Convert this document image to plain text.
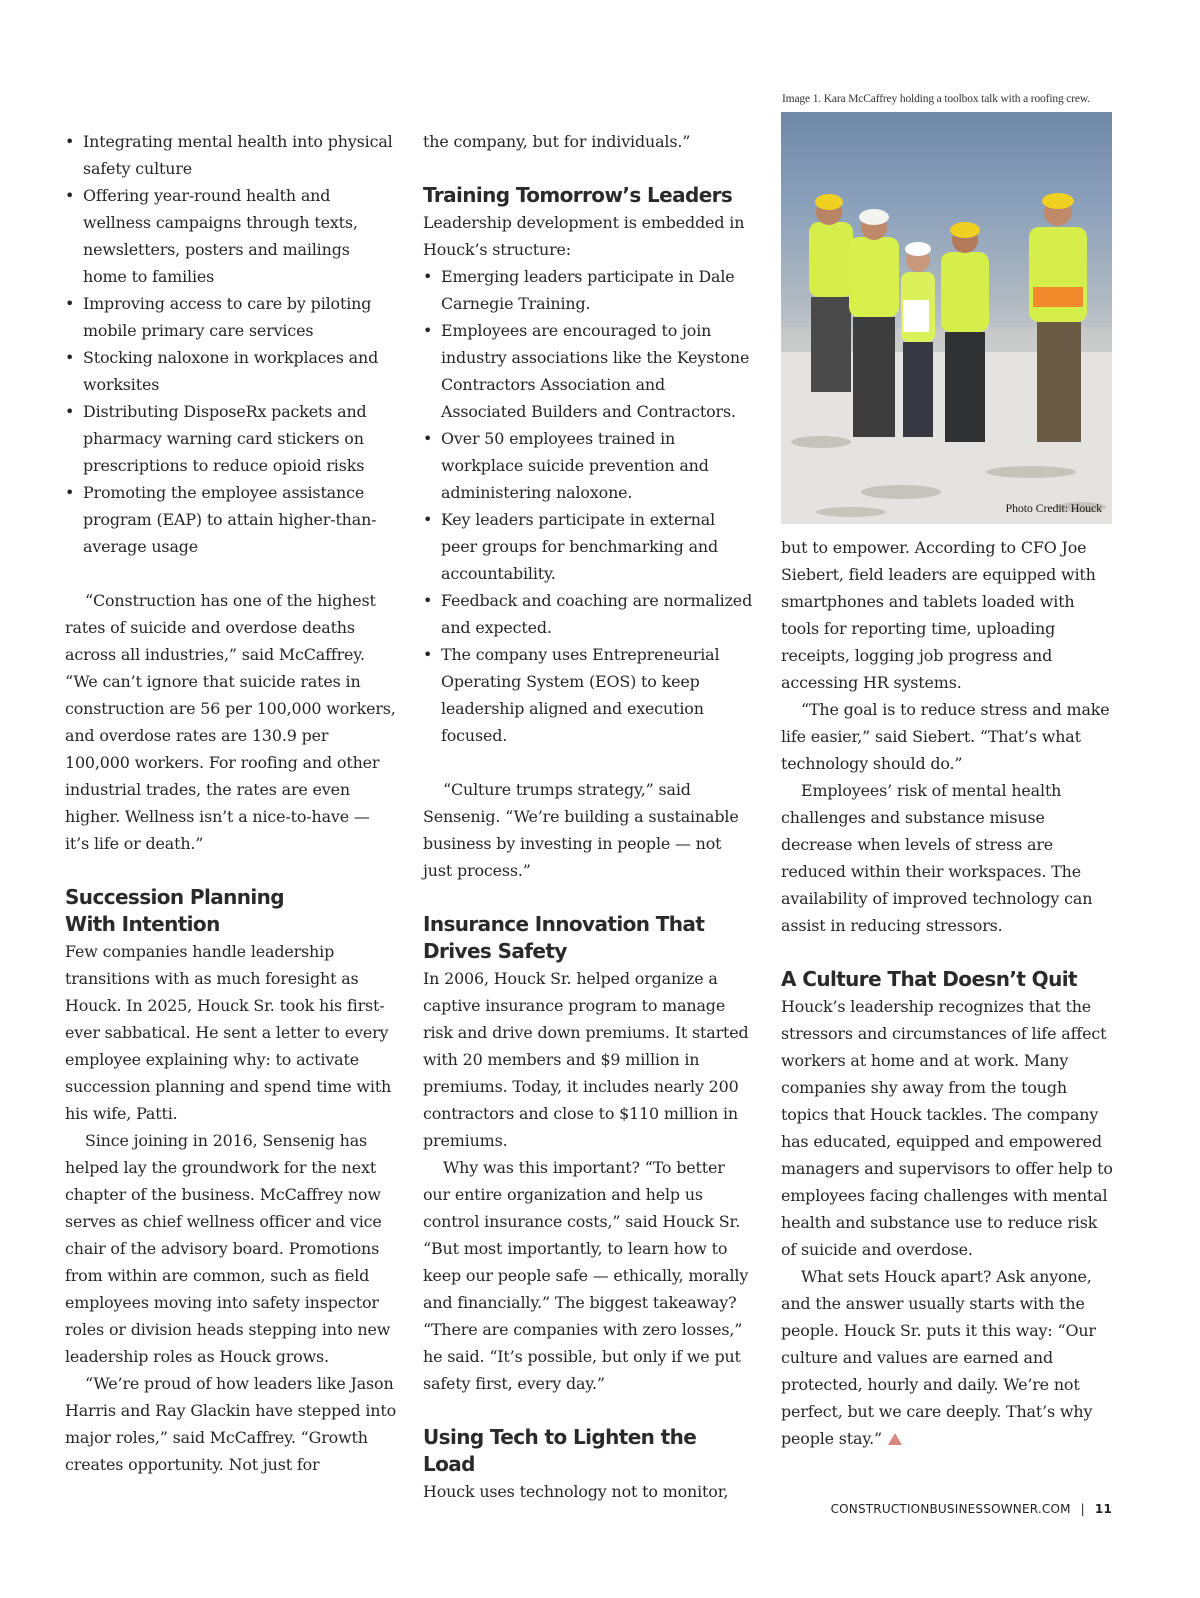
• Integrating mental health into physical safety culture
• Offering year-round health and wellness campaigns through texts, newsletters, posters and mailings home to families
• Improving access to care by piloting mobile primary care services
• Stocking naloxone in workplaces and worksites
• Distributing DisposeRx packets and pharmacy warning card stickers on prescriptions to reduce opioid risks
• Promoting the employee assistance program (EAP) to attain higher-than-average usage

“Construction has one of the highest rates of suicide and overdose deaths across all industries,” said McCaffrey. “We can’t ignore that suicide rates in construction are 56 per 100,000 workers, and overdose rates are 130.9 per 100,000 workers. For roofing and other industrial trades, the rates are even higher. Wellness isn’t a nice-to-have — it’s life or death.”

Succession Planning
With Intention

Few companies handle leadership transitions with as much foresight as Houck. In 2025, Houck Sr. took his first-ever sabbatical. He sent a letter to every employee explaining why: to activate succession planning and spend time with his wife, Patti.

Since joining in 2016, Sensenig has helped lay the groundwork for the next chapter of the business. McCaffrey now serves as chief wellness officer and vice chair of the advisory board. Promotions from within are common, such as field employees moving into safety inspector roles or division heads stepping into new leadership roles as Houck grows.

“We’re proud of how leaders like Jason Harris and Ray Glackin have stepped into major roles,” said McCaffrey. “Growth creates opportunity. Not just for

the company, but for individuals.”

Training Tomorrow’s Leaders

Leadership development is embedded in Houck’s structure:

• Emerging leaders participate in Dale Carnegie Training.
• Employees are encouraged to join industry associations like the Keystone Contractors Association and Associated Builders and Contractors.
• Over 50 employees trained in workplace suicide prevention and administering naloxone.
• Key leaders participate in external peer groups for benchmarking and accountability.
• Feedback and coaching are normalized and expected.
• The company uses Entrepreneurial Operating System (EOS) to keep leadership aligned and execution focused.

“Culture trumps strategy,” said Sensenig. “We’re building a sustainable business by investing in people — not just process.”

Insurance Innovation That
Drives Safety

In 2006, Houck Sr. helped organize a captive insurance program to manage risk and drive down premiums. It started with 20 members and $9 million in premiums. Today, it includes nearly 200 contractors and close to $110 million in premiums.

Why was this important? “To better our entire organization and help us control insurance costs,” said Houck Sr. “But most importantly, to learn how to keep our people safe — ethically, morally and financially.” The biggest takeaway? “There are companies with zero losses,” he said. “It’s possible, but only if we put safety first, every day.”

Using Tech to Lighten the Load

Houck uses technology not to monitor,

Image 1. Kara McCaffrey holding a toolbox talk with a roofing crew.

Photo Credit: Houck

but to empower. According to CFO Joe Siebert, field leaders are equipped with smartphones and tablets loaded with tools for reporting time, uploading receipts, logging job progress and accessing HR systems.

“The goal is to reduce stress and make life easier,” said Siebert. “That’s what technology should do.”

Employees’ risk of mental health challenges and substance misuse decrease when levels of stress are reduced within their workspaces. The availability of improved technology can assist in reducing stressors.

A Culture That Doesn’t Quit

Houck’s leadership recognizes that the stressors and circumstances of life affect workers at home and at work. Many companies shy away from the tough topics that Houck tackles. The company has educated, equipped and empowered managers and supervisors to offer help to employees facing challenges with mental health and substance use to reduce risk of suicide and overdose.

What sets Houck apart? Ask anyone, and the answer usually starts with the people. Houck Sr. puts it this way: “Our culture and values are earned and protected, hourly and daily. We’re not perfect, but we care deeply. That’s why people stay.”

CONSTRUCTIONBUSINESSOWNER.COM | 11
